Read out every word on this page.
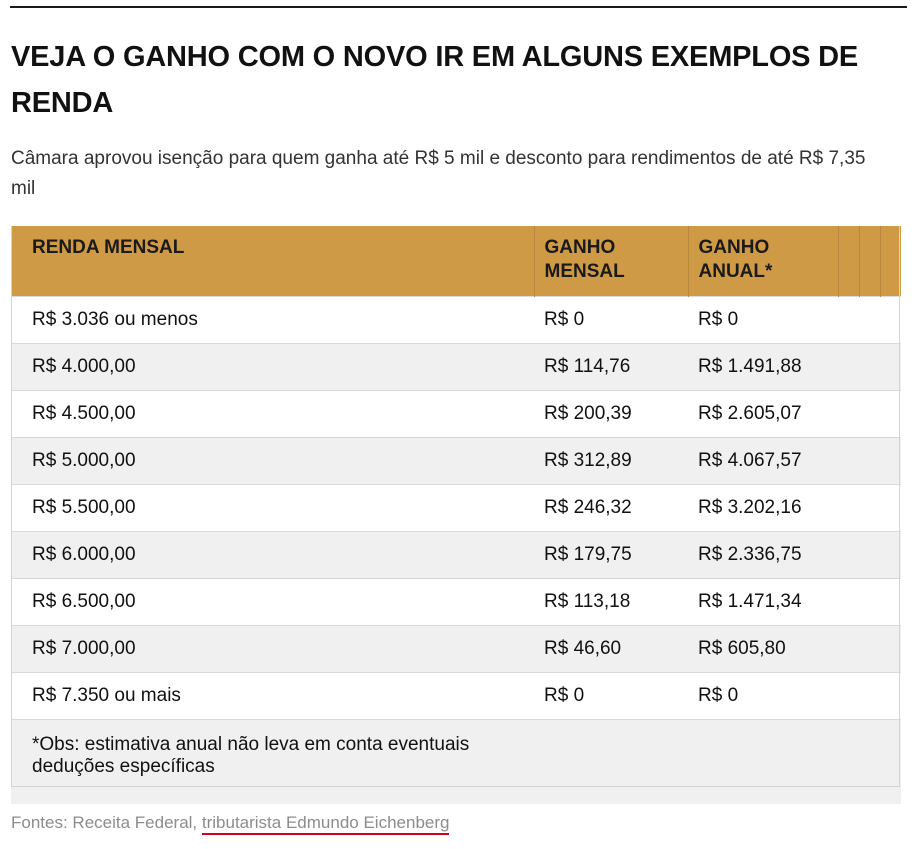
VEJA O GANHO COM O NOVO IR EM ALGUNS EXEMPLOS DE RENDA

Câmara aprovou isenção para quem ganha até R$ 5 mil e desconto para rendimentos de até R$ 7,35 mil

RENDA MENSAL	GANHO MENSAL	GANHO ANUAL*			
R$ 3.036 ou menos	R$ 0	R$ 0			
R$ 4.000,00	R$ 114,76	R$ 1.491,88			
R$ 4.500,00	R$ 200,39	R$ 2.605,07			
R$ 5.000,00	R$ 312,89	R$ 4.067,57			
R$ 5.500,00	R$ 246,32	R$ 3.202,16			
R$ 6.000,00	R$ 179,75	R$ 2.336,75			
R$ 6.500,00	R$ 113,18	R$ 1.471,34			
R$ 7.000,00	R$ 46,60	R$ 605,80			
R$ 7.350 ou mais	R$ 0	R$ 0			
*Obs: estimativa anual não leva em conta eventuais deduções específicas					
Fontes: Receita Federal, tributarista Edmundo Eichenberg
